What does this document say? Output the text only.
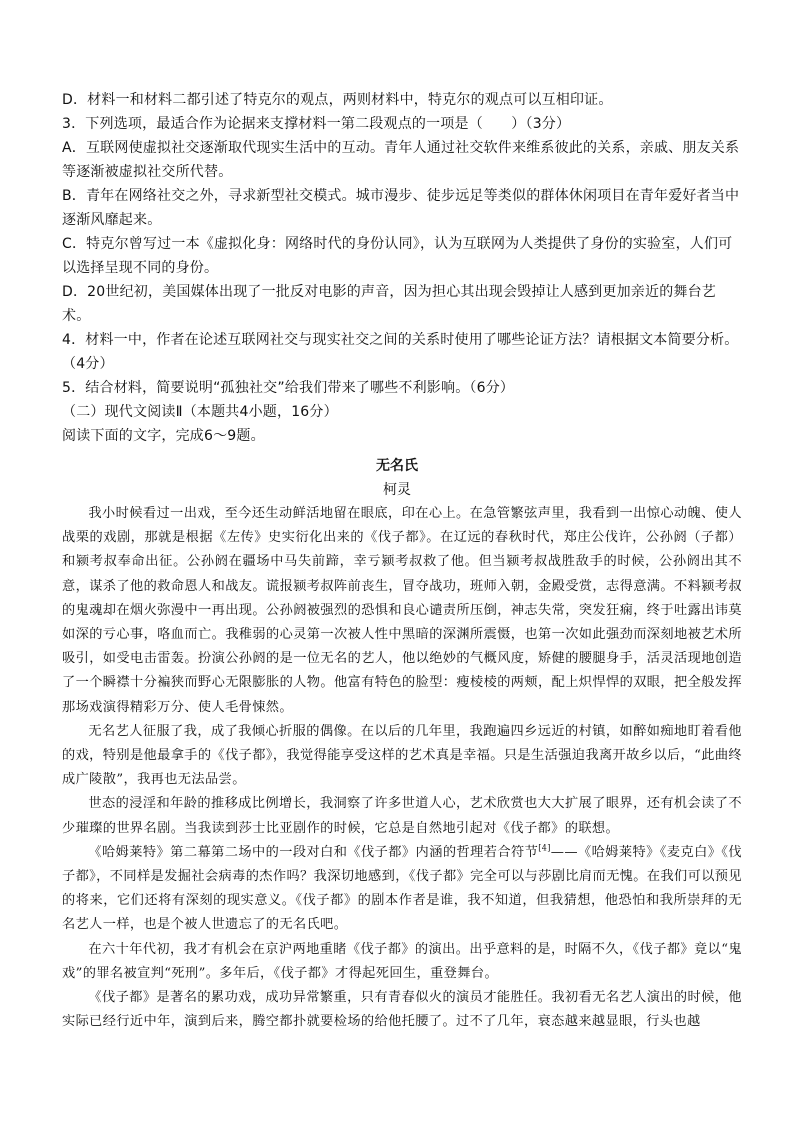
D．材料一和材料二都引述了特克尔的观点，两则材料中，特克尔的观点可以互相印证。

3．下列选项，最适合作为论据来支撑材料一第二段观点的一项是（　　）（3分）

A．互联网使虚拟社交逐渐取代现实生活中的互动。青年人通过社交软件来维系彼此的关系，亲戚、朋友关系等逐渐被虚拟社交所代替。

B．青年在网络社交之外，寻求新型社交模式。城市漫步、徒步远足等类似的群体休闲项目在青年爱好者当中逐渐风靡起来。

C．特克尔曾写过一本《虚拟化身：网络时代的身份认同》，认为互联网为人类提供了身份的实验室，人们可以选择呈现不同的身份。

D．20世纪初，美国媒体出现了一批反对电影的声音，因为担心其出现会毁掉让人感到更加亲近的舞台艺术。

4．材料一中，作者在论述互联网社交与现实社交之间的关系时使用了哪些论证方法？请根据文本简要分析。（4分）

5．结合材料，简要说明“孤独社交”给我们带来了哪些不利影响。（6分）

（二）现代文阅读Ⅱ（本题共4小题，16分）

阅读下面的文字，完成6～9题。

无名氏

柯灵

我小时候看过一出戏，至今还生动鲜活地留在眼底，印在心上。在急管繁弦声里，我看到一出惊心动魄、使人战栗的戏剧，那就是根据《左传》史实衍化出来的《伐子都》。在辽远的春秋时代，郑庄公伐许，公孙阏（子都）和颍考叔奉命出征。公孙阏在疆场中马失前蹄，幸亏颍考叔救了他。但当颍考叔战胜敌手的时候，公孙阏出其不意，谋杀了他的救命恩人和战友。谎报颍考叔阵前丧生，冒夺战功，班师入朝，金殿受赏，志得意满。不料颍考叔的鬼魂却在烟火弥漫中一再出现。公孙阏被强烈的恐惧和良心谴责所压倒，神志失常，突发狂痫，终于吐露出讳莫如深的亏心事，咯血而亡。我稚弱的心灵第一次被人性中黑暗的深渊所震慑，也第一次如此强劲而深刻地被艺术所吸引，如受电击雷轰。扮演公孙阏的是一位无名的艺人，他以绝妙的气概风度，矫健的腰腿身手，活灵活现地创造了一个瞬襟十分褊狭而野心无限膨胀的人物。他富有特色的脸型：瘦棱棱的两颊，配上炽悍悍的双眼，把全般发挥那场戏演得精彩万分、使人毛骨悚然。

无名艺人征服了我，成了我倾心折服的偶像。在以后的几年里，我跑遍四乡远近的村镇，如醉如痴地盯着看他的戏，特别是他最拿手的《伐子都》，我觉得能享受这样的艺术真是幸福。只是生活强迫我离开故乡以后，“此曲终成广陵散”，我再也无法品尝。

世态的浸淫和年龄的推移成比例增长，我洞察了许多世道人心，艺术欣赏也大大扩展了眼界，还有机会读了不少璀璨的世界名剧。当我读到莎士比亚剧作的时候，它总是自然地引起对《伐子都》的联想。

《哈姆莱特》第二幕第二场中的一段对白和《伐子都》内涵的哲理若合符节[4]——《哈姆莱特》《麦克白》《伐子都》，不同样是发掘社会病毒的杰作吗？我深切地感到，《伐子都》完全可以与莎剧比肩而无愧。在我们可以预见的将来，它们还将有深刻的现实意义。《伐子都》的剧本作者是谁，我不知道，但我猜想，他恐怕和我所崇拜的无名艺人一样，也是个被人世遗忘了的无名氏吧。

在六十年代初，我才有机会在京沪两地重睹《伐子都》的演出。出乎意料的是，时隔不久，《伐子都》竟以“鬼戏”的罪名被宣判“死刑”。多年后，《伐子都》才得起死回生，重登舞台。

《伐子都》是著名的累功戏，成功异常繁重，只有青春似火的演员才能胜任。我初看无名艺人演出的时候，他实际已经行近中年，演到后来，腾空都扑就要检场的给他托腰了。过不了几年，衰态越来越显眼，行头也越
